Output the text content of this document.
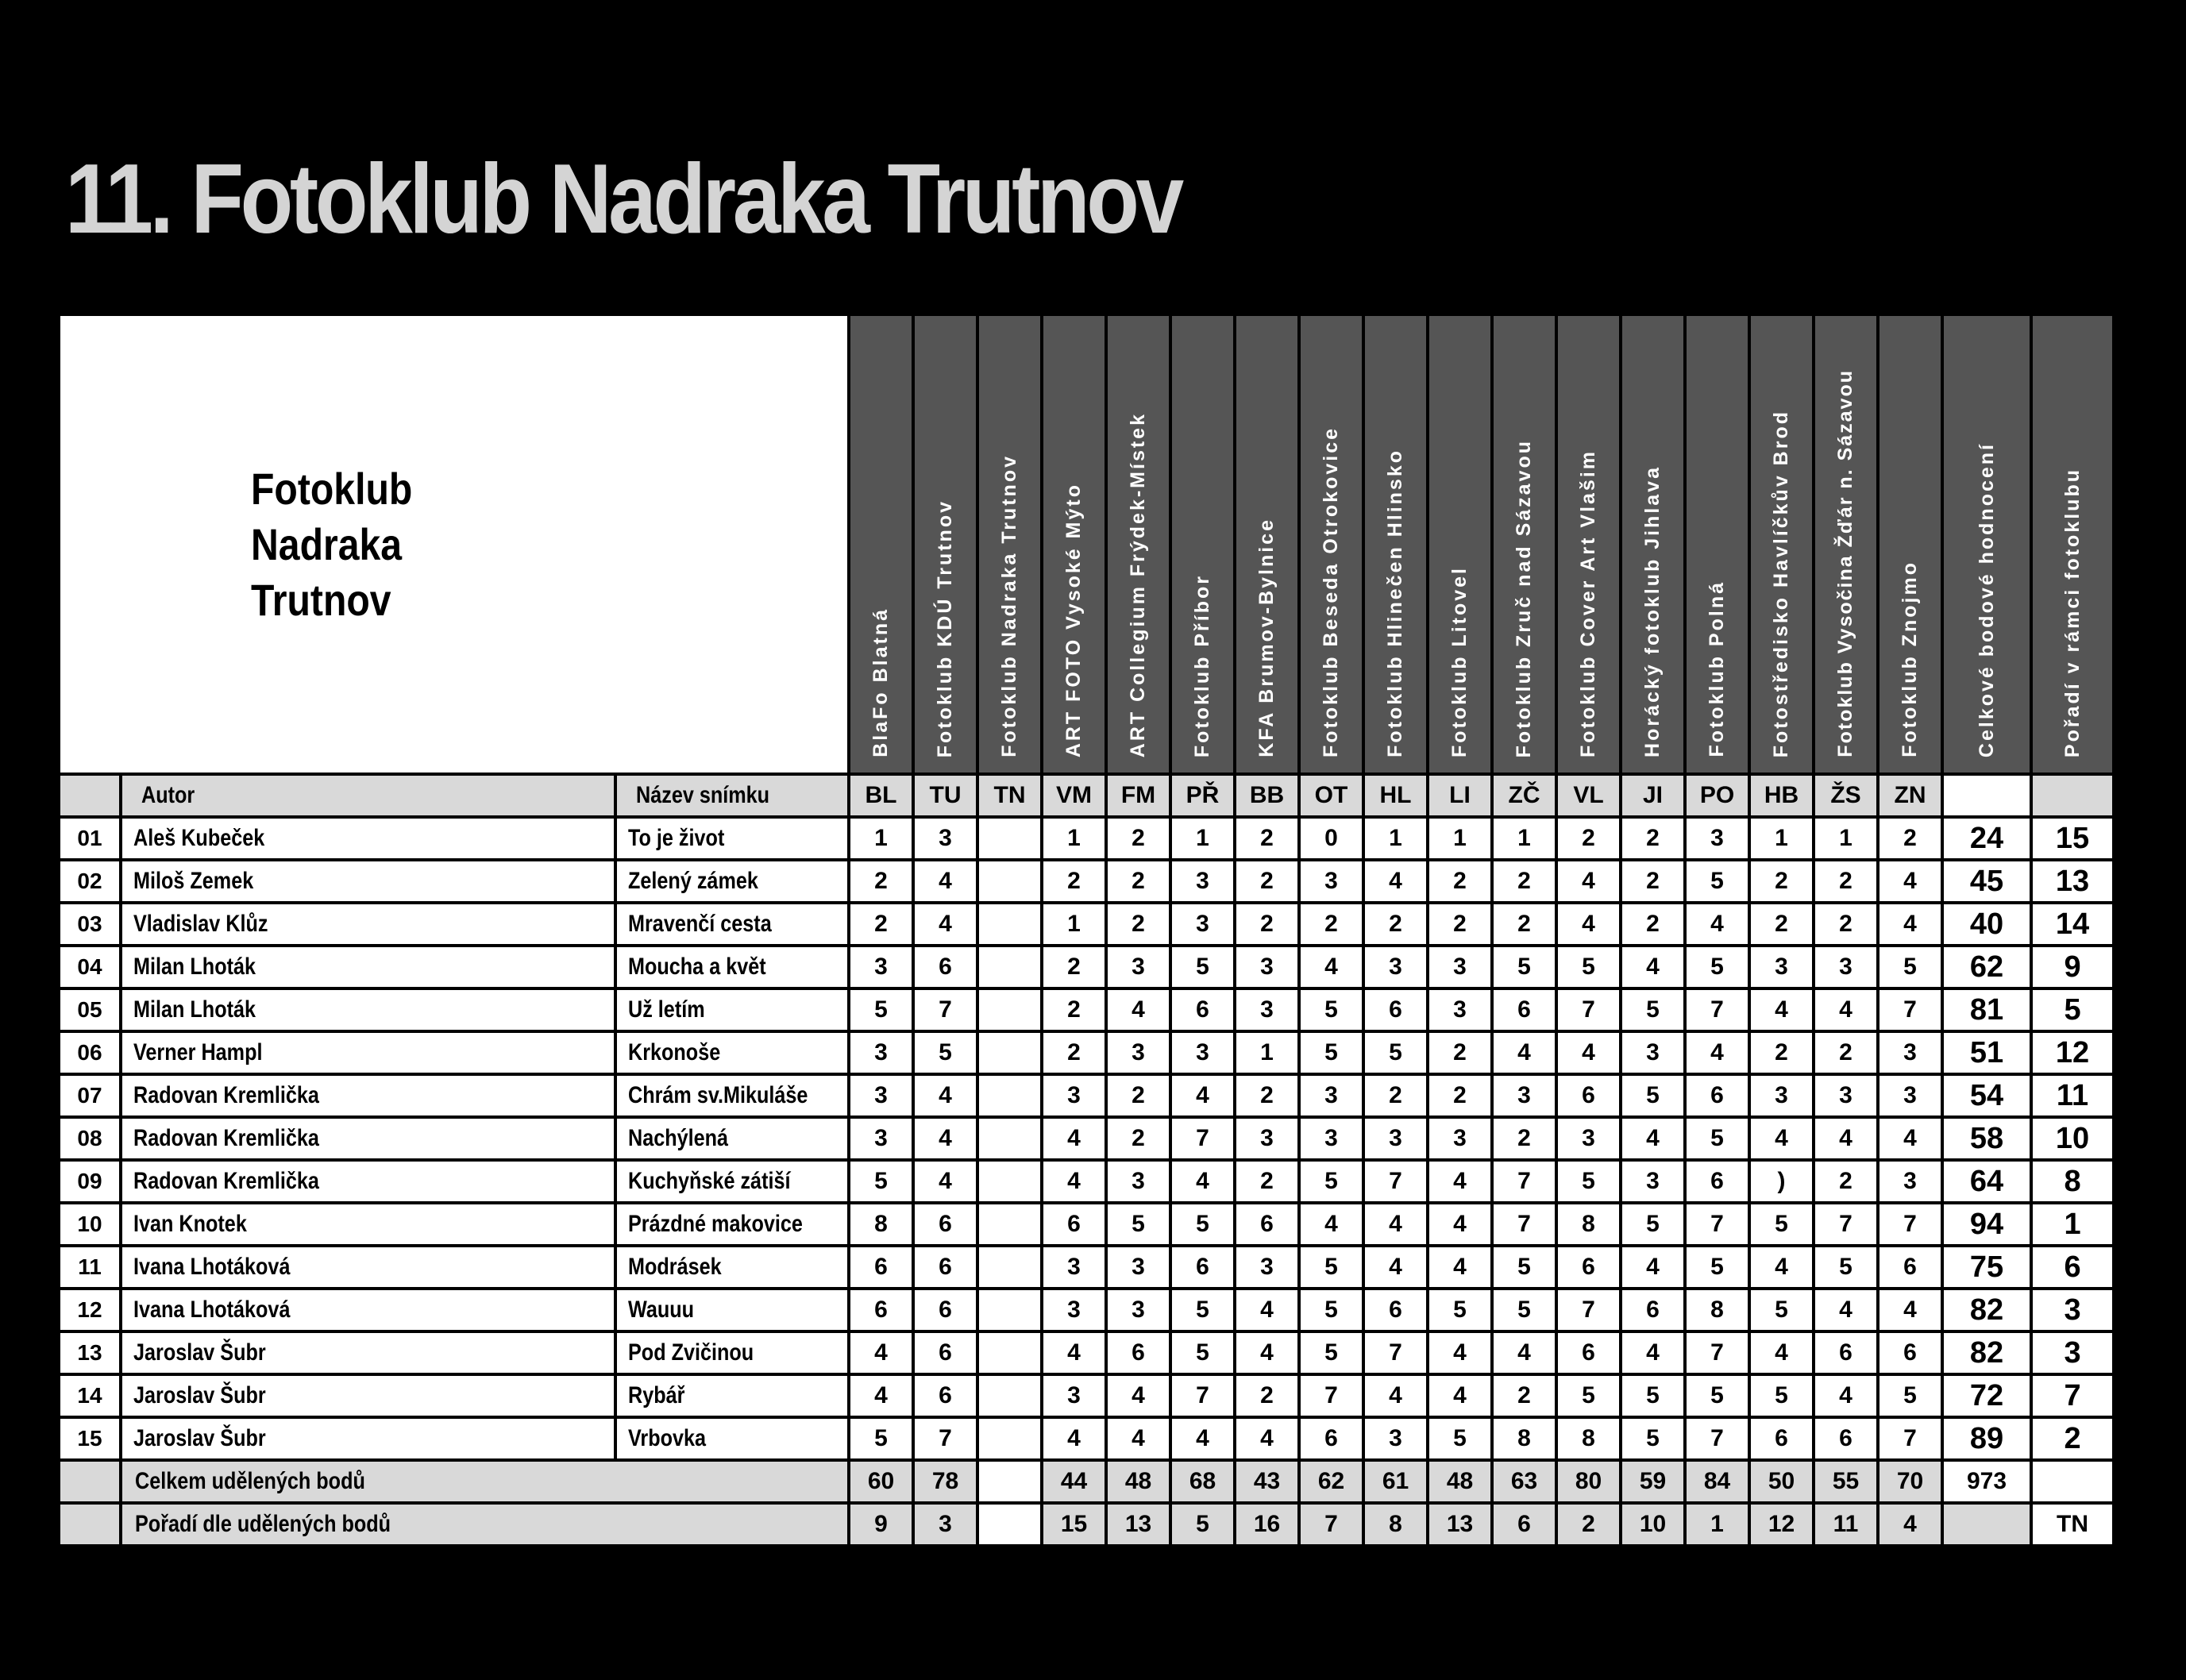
11. Fotoklub Nadraka Trutnov
Fotoklub Nadraka Trutnov			BlaFo Blatná	Fotoklub KDÚ Trutnov	Fotoklub Nadraka Trutnov	ART FOTO Vysoké Mýto	ART Collegium Frýdek-Místek	Fotoklub Příbor	KFA Brumov-Bylnice	Fotoklub Beseda Otrokovice	Fotoklub Hlinečen Hlinsko	Fotoklub Litovel	Fotoklub Zruč nad Sázavou	Fotoklub Cover Art Vlašim	Horácký fotoklub Jihlava	Fotoklub Polná	Fotostředisko Havlíčkův Brod	Fotoklub Vysočina Žďár n. Sázavou	Fotoklub Znojmo	Celkové bodové hodnocení	Pořadí v rámci fotoklubu
	Autor	Název snímku	BL	TU	TN	VM	FM	PŘ	BB	OT	HL	LI	ZČ	VL	JI	PO	HB	ŽS	ZN		
01	Aleš Kubeček	To je život	1	3		1	2	1	2	0	1	1	1	2	2	3	1	1	2	24	15
02	Miloš Zemek	Zelený zámek	2	4		2	2	3	2	3	4	2	2	4	2	5	2	2	4	45	13
03	Vladislav Klůz	Mravenčí cesta	2	4		1	2	3	2	2	2	2	2	4	2	4	2	2	4	40	14
04	Milan Lhoták	Moucha a květ	3	6		2	3	5	3	4	3	3	5	5	4	5	3	3	5	62	9
05	Milan Lhoták	Už letím	5	7		2	4	6	3	5	6	3	6	7	5	7	4	4	7	81	5
06	Verner Hampl	Krkonoše	3	5		2	3	3	1	5	5	2	4	4	3	4	2	2	3	51	12
07	Radovan Kremlička	Chrám sv.Mikuláše	3	4		3	2	4	2	3	2	2	3	6	5	6	3	3	3	54	11
08	Radovan Kremlička	Nachýlená	3	4		4	2	7	3	3	3	3	2	3	4	5	4	4	4	58	10
09	Radovan Kremlička	Kuchyňské zátiší	5	4		4	3	4	2	5	7	4	7	5	3	6	)	2	3	64	8
10	Ivan Knotek	Prázdné makovice	8	6		6	5	5	6	4	4	4	7	8	5	7	5	7	7	94	1
11	Ivana Lhotáková	Modrásek	6	6		3	3	6	3	5	4	4	5	6	4	5	4	5	6	75	6
12	Ivana Lhotáková	Wauuu	6	6		3	3	5	4	5	6	5	5	7	6	8	5	4	4	82	3
13	Jaroslav Šubr	Pod Zvičinou	4	6		4	6	5	4	5	7	4	4	6	4	7	4	6	6	82	3
14	Jaroslav Šubr	Rybář	4	6		3	4	7	2	7	4	4	2	5	5	5	5	4	5	72	7
15	Jaroslav Šubr	Vrbovka	5	7		4	4	4	4	6	3	5	8	8	5	7	6	6	7	89	2
	Celkem udělených bodů		60	78		44	48	68	43	62	61	48	63	80	59	84	50	55	70	973	
	Pořadí dle udělených bodů		9	3		15	13	5	16	7	8	13	6	2	10	1	12	11	4		TN
